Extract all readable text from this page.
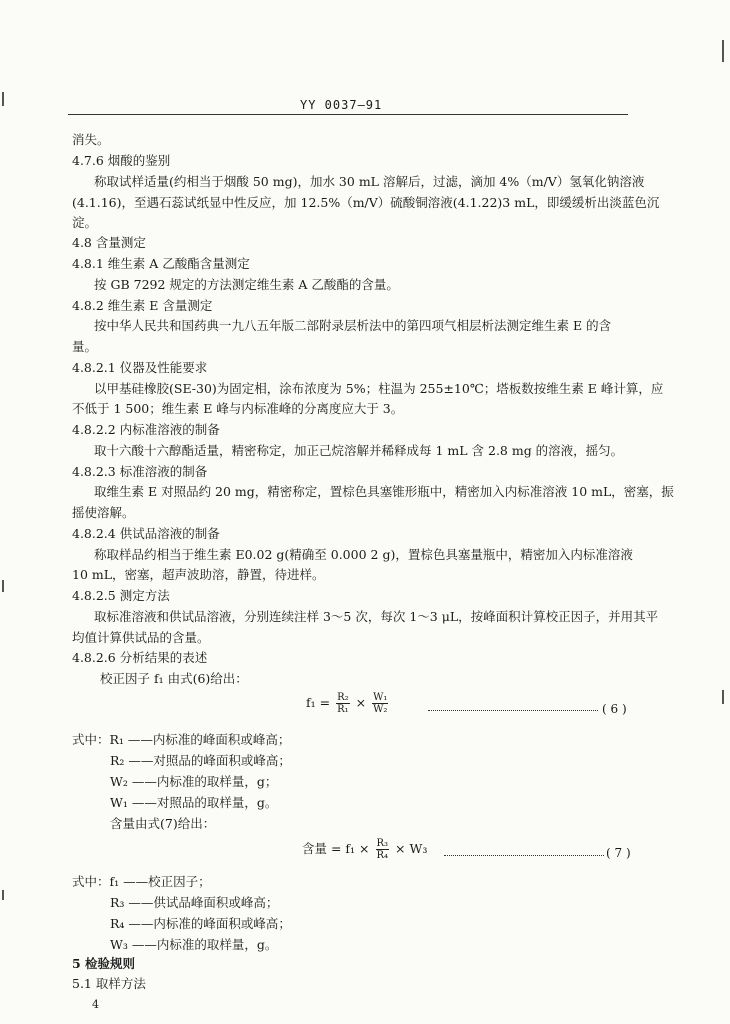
YY 0037—91
消失。
4.7.6 烟酸的鉴别
称取试样适量(约相当于烟酸 50 mg)，加水 30 mL 溶解后，过滤，滴加 4%（m/V）氢氧化钠溶液
(4.1.16)，至遇石蕊试纸显中性反应，加 12.5%（m/V）硫酸铜溶液(4.1.22)3 mL，即缓缓析出淡蓝色沉
淀。
4.8 含量测定
4.8.1 维生素 A 乙酸酯含量测定
按 GB 7292 规定的方法测定维生素 A 乙酸酯的含量。
4.8.2 维生素 E 含量测定
按中华人民共和国药典一九八五年版二部附录层析法中的第四项气相层析法测定维生素 E 的含
量。
4.8.2.1 仪器及性能要求
以甲基硅橡胶(SE-30)为固定相，涂布浓度为 5%；柱温为 255±10℃；塔板数按维生素 E 峰计算，应
不低于 1 500；维生素 E 峰与内标准峰的分离度应大于 3。
4.8.2.2 内标准溶液的制备
取十六酸十六醇酯适量，精密称定，加正己烷溶解并稀释成每 1 mL 含 2.8 mg 的溶液，摇匀。
4.8.2.3 标准溶液的制备
取维生素 E 对照品约 20 mg，精密称定，置棕色具塞锥形瓶中，精密加入内标准溶液 10 mL，密塞，振
摇使溶解。
4.8.2.4 供试品溶液的制备
称取样品约相当于维生素 E0.02 g(精确至 0.000 2 g)，置棕色具塞量瓶中，精密加入内标准溶液
10 mL，密塞，超声波助溶，静置，待进样。
4.8.2.5 测定方法
取标准溶液和供试品溶液，分别连续注样 3～5 次，每次 1～3 μL，按峰面积计算校正因子，并用其平
均值计算供试品的含量。
4.8.2.6 分析结果的表述
校正因子 f₁ 由式(6)给出：
$f_1 = \frac{\text{R₂}}{\text{R₁}} \times \frac{\text{W₁}}{\text{W₂}}$	( 6 )
式中：R₁ ——内标准的峰面积或峰高；
R₂ ——对照品的峰面积或峰高；
W₂ ——内标准的取样量，g；
W₁ ——对照品的取样量，g。
含量由式(7)给出：
含量 = $f_1 \times \frac{\text{R₃}}{\text{R₄}} \times W_3$	( 7 )
式中：f₁ ——校正因子；
R₃ ——供试品峰面积或峰高；
R₄ ——内标准的峰面积或峰高；
W₃ ——内标准的取样量，g。
5 检验规则
5.1 取样方法
4
